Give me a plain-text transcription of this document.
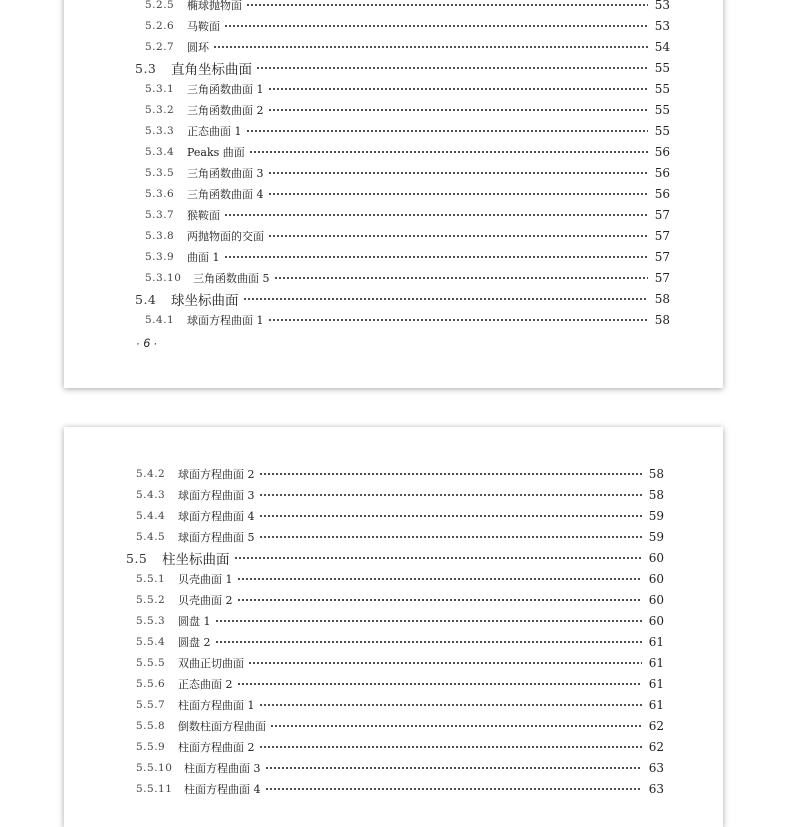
5.2.5	椭球抛物面	53
5.2.6	马鞍面	53
5.2.7	圆环	54
5.3	直角坐标曲面	55
5.3.1	三角函数曲面 1	55
5.3.2	三角函数曲面 2	55
5.3.3	正态曲面 1	55
5.3.4	Peaks 曲面	56
5.3.5	三角函数曲面 3	56
5.3.6	三角函数曲面 4	56
5.3.7	猴鞍面	57
5.3.8	两抛物面的交面	57
5.3.9	曲面 1	57
5.3.10	三角函数曲面 5	57
5.4	球坐标曲面	58
5.4.1	球面方程曲面 1	58
· 6 ·
5.4.2	球面方程曲面 2	58
5.4.3	球面方程曲面 3	58
5.4.4	球面方程曲面 4	59
5.4.5	球面方程曲面 5	59
5.5	柱坐标曲面	60
5.5.1	贝壳曲面 1	60
5.5.2	贝壳曲面 2	60
5.5.3	圆盘 1	60
5.5.4	圆盘 2	61
5.5.5	双曲正切曲面	61
5.5.6	正态曲面 2	61
5.5.7	柱面方程曲面 1	61
5.5.8	倒数柱面方程曲面	62
5.5.9	柱面方程曲面 2	62
5.5.10	柱面方程曲面 3	63
5.5.11	柱面方程曲面 4	63
